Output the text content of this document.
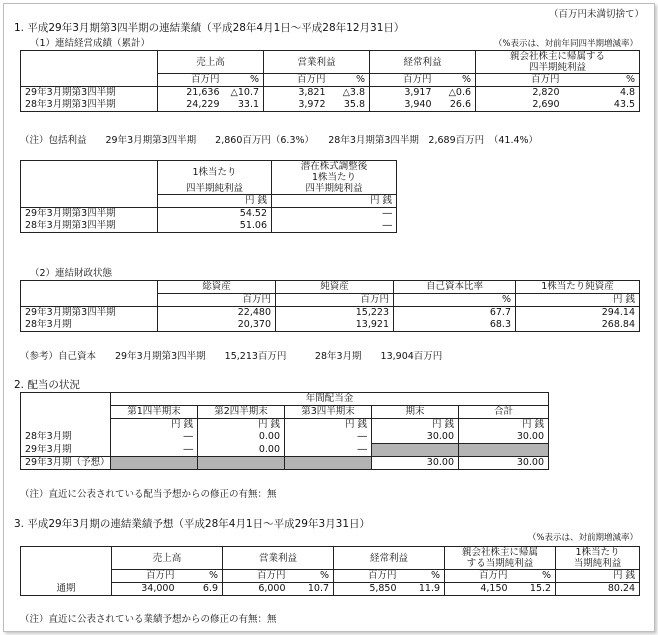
（百万円未満切捨て）
1. 平成29年3月期第3四半期の連結業績（平成28年4月1日～平成28年12月31日）
（1）連結経営成績（累計）	（%表示は、対前年同四半期増減率）
	売上高		営業利益		経常利益		親会社株主に帰属する	
							四半期純利益	
	百万円	%	百万円	%	百万円	%	百万円	%
29年3月期第3四半期	21,636	△10.7	3,821	△3.8	3,917	△0.6	2,820	4.8
28年3月期第3四半期	24,229	33.1	3,972	35.8	3,940	26.6	2,690	43.5
（注）包括利益　　29年3月期第3四半期　　2,860百万円（6.3%）　　28年3月期第3四半期　2,689百万円　（41.4%）
	1株当たり	潜在株式調整後
		1株当たり
	四半期純利益	四半期純利益
	円 銭	円 銭
29年3月期第3四半期	54.52	―
28年3月期第3四半期	51.06	―
（2）連結財政状態
	総資産	純資産	自己資本比率	1株当たり純資産
	百万円	百万円	%	円 銭
29年3月期第3四半期	22,480	15,223	67.7	294.14
28年3月期	20,370	13,921	68.3	268.84
（参考）自己資本　　29年3月期第3四半期　　15,213百万円　　　28年3月期　　13,904百万円
2. 配当の状況
	年間配当金				
	第1四半期末	第2四半期末	第3四半期末	期末	合計
	円 銭	円 銭	円 銭	円 銭	円 銭
28年3月期	―	0.00	―	30.00	30.00
29年3月期	―	0.00	―		
29年3月期（予想）				30.00	30.00
（注）直近に公表されている配当予想からの修正の有無：無
3. 平成29年3月期の連結業績予想（平成28年4月1日～平成29年3月31日）
（%表示は、対前期増減率）
	売上高		営業利益		経常利益		親会社株主に帰属		1株当たり
							する当期純利益		当期純利益
	百万円	%	百万円	%	百万円	%	百万円	%	円 銭
通期	34,000	6.9	6,000	10.7	5,850	11.9	4,150	15.2	80.24
（注）直近に公表されている業績予想からの修正の有無：無
